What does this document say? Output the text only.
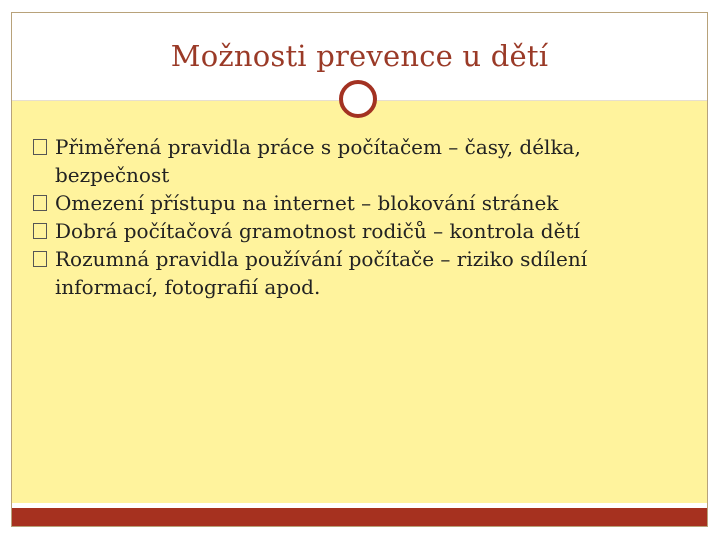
Možnosti prevence u dětí
Přiměřená pravidla práce s počítačem – časy, délka, bezpečnost
Omezení přístupu na internet – blokování stránek
Dobrá počítačová gramotnost rodičů – kontrola dětí
Rozumná pravidla používání počítače – riziko sdílení informací, fotografií apod.
